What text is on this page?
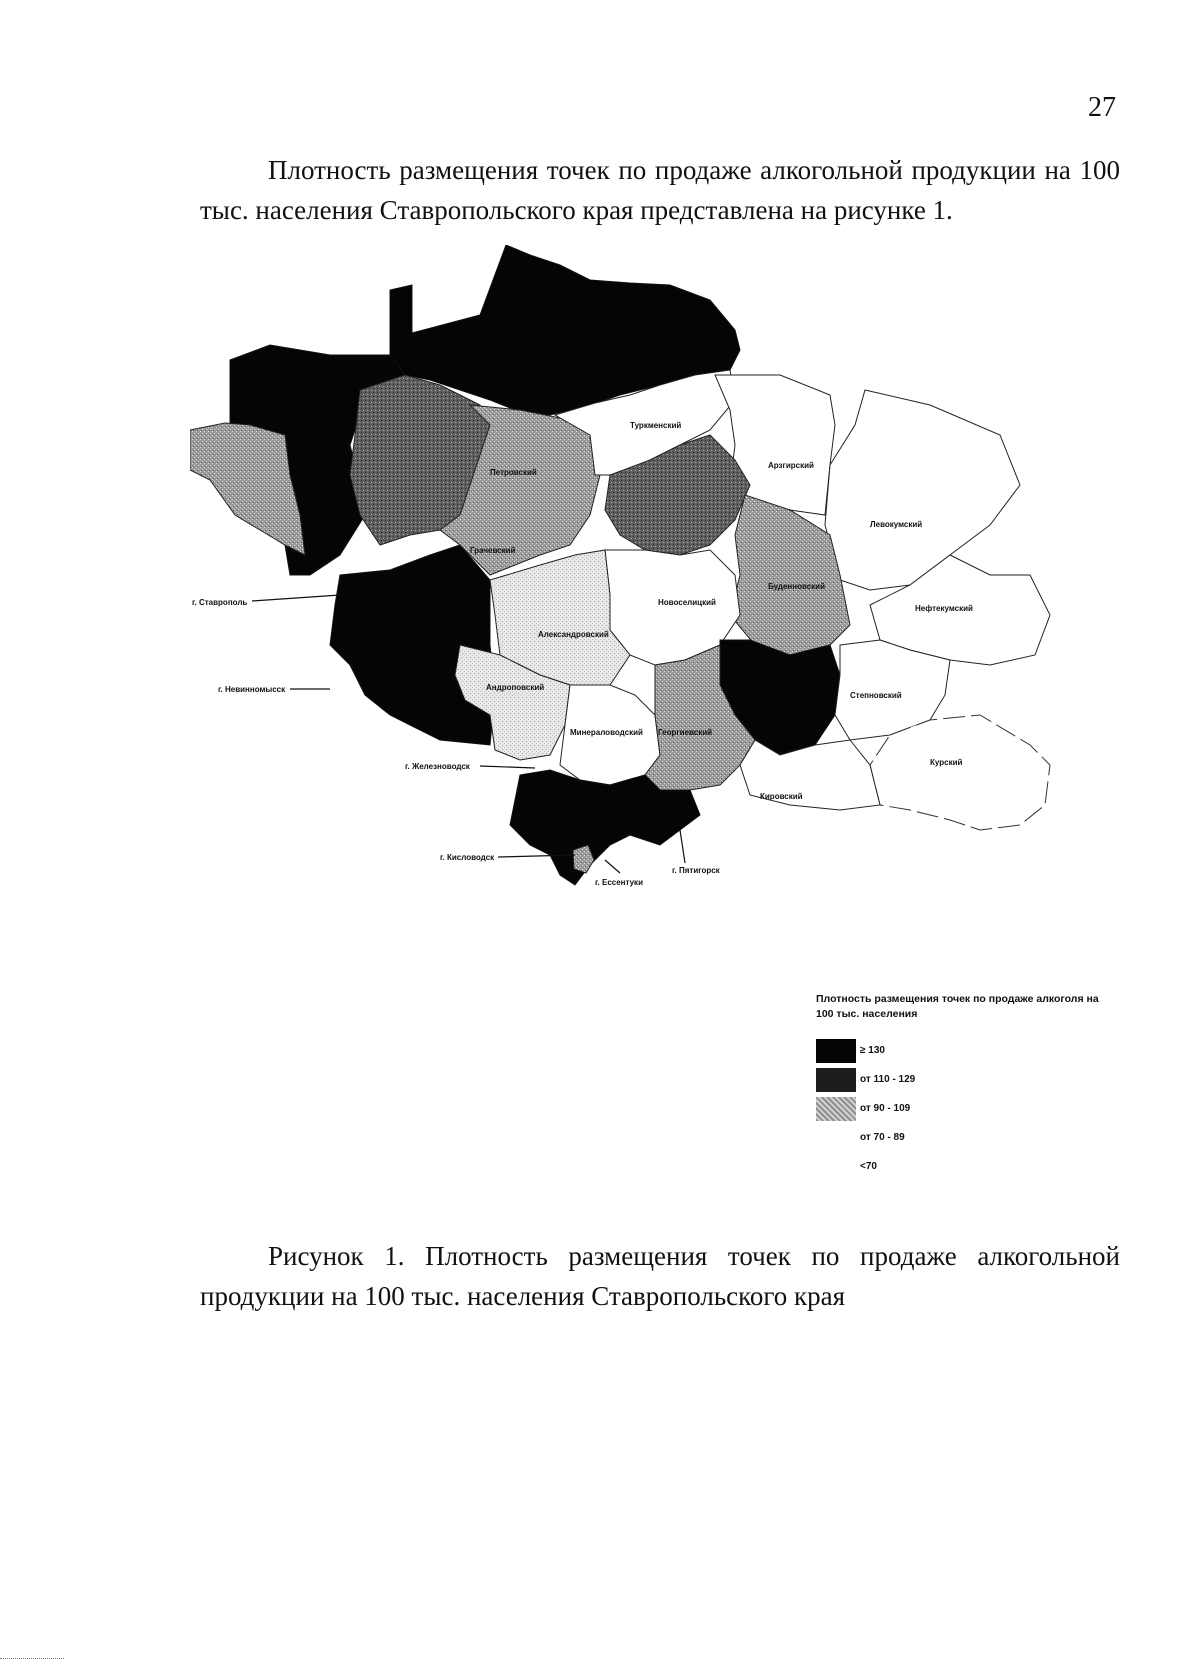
27
Плотность размещения точек по продаже алкогольной продукции на 100 тыс. населения Ставропольского края представлена на рисунке 1.
Туркменский
Арзгирский
Левокумский
Нефтекумский
Новоселицкий
Александровский
Андроповский
Минераловодский Георгиевский
Степновский
Курский
Кировский
Петровский
Грачевский
Буденновский
г. Ставрополь
г. Невинномысск
г. Железноводск
г. Кисловодск
г. Ессентуки
г. Пятигорск
Плотность размещения точек по продаже алкоголя на 100 тыс. населения
≥ 130
от 110 - 129
от 90 - 109
от 70 - 89
<70
Рисунок 1. Плотность размещения точек по продаже алкогольной продукции на 100 тыс. населения Ставропольского края
